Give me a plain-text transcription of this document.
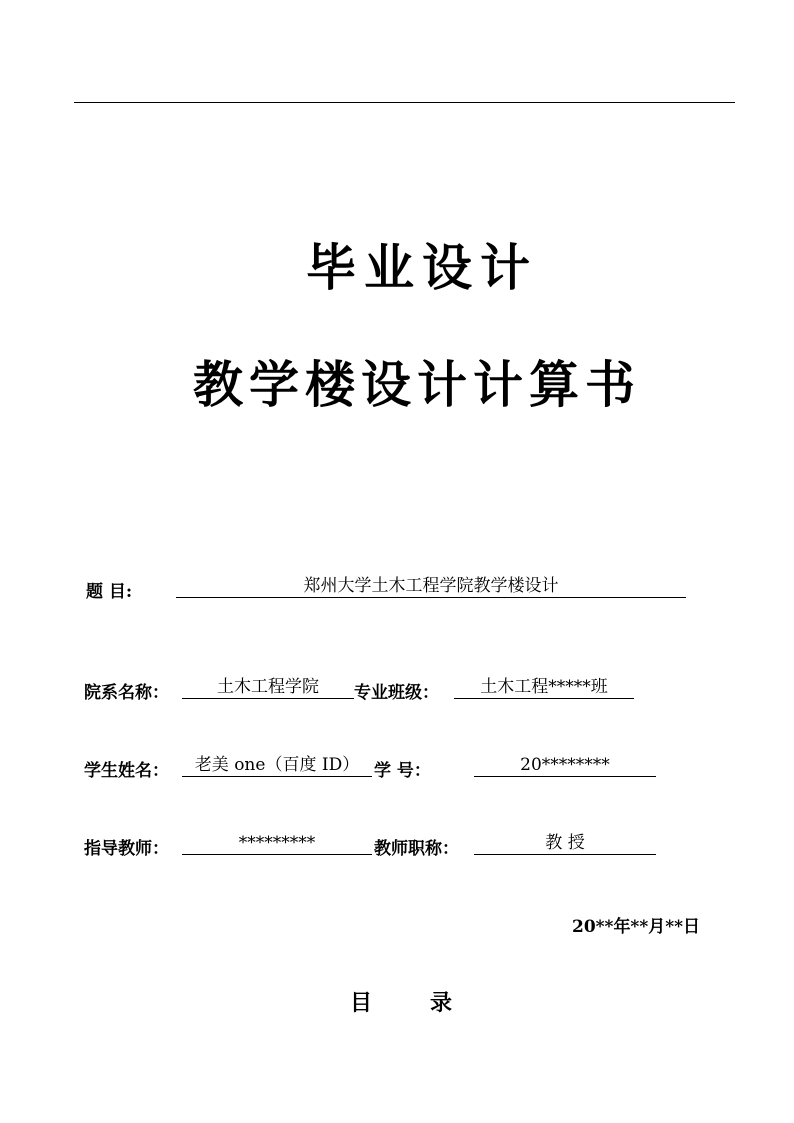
毕业设计
教学楼设计计算书
题 目:	郑州大学土木工程学院教学楼设计
院系名称：	土木工程学院	专业班级：	土木工程*****班
学生姓名：	老美 one（百度 ID） 学 号：	20********
指导教师：	*********	教师职称：	教 授
20**年**月**日
目录
